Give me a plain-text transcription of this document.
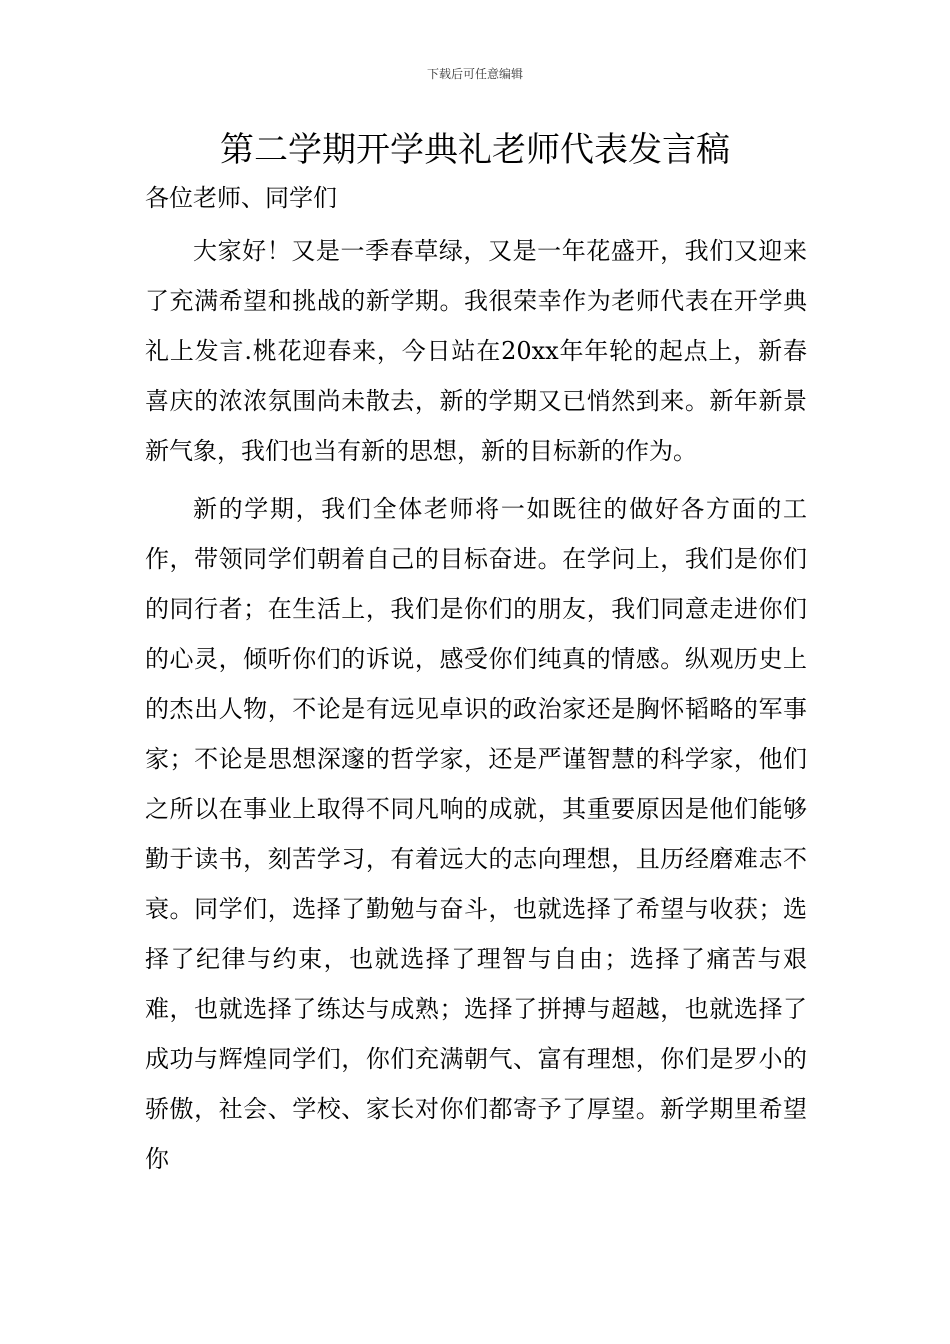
下载后可任意编辑
第二学期开学典礼老师代表发言稿

各位老师、同学们

大家好！又是一季春草绿，又是一年花盛开，我们又迎来了充满希望和挑战的新学期。我很荣幸作为老师代表在开学典礼上发言.桃花迎春来，今日站在20xx年年轮的起点上，新春喜庆的浓浓氛围尚未散去，新的学期又已悄然到来。新年新景新气象，我们也当有新的思想，新的目标新的作为。

新的学期，我们全体老师将一如既往的做好各方面的工作，带领同学们朝着自己的目标奋进。在学问上，我们是你们的同行者；在生活上，我们是你们的朋友，我们同意走进你们的心灵，倾听你们的诉说，感受你们纯真的情感。纵观历史上的杰出人物，不论是有远见卓识的政治家还是胸怀韬略的军事家；不论是思想深邃的哲学家，还是严谨智慧的科学家，他们之所以在事业上取得不同凡响的成就，其重要原因是他们能够勤于读书，刻苦学习，有着远大的志向理想，且历经磨难志不衰。同学们，选择了勤勉与奋斗，也就选择了希望与收获；选择了纪律与约束，也就选择了理智与自由；选择了痛苦与艰难，也就选择了练达与成熟；选择了拼搏与超越，也就选择了成功与辉煌同学们，你们充满朝气、富有理想，你们是罗小的骄傲，社会、学校、家长对你们都寄予了厚望。新学期里希望你
